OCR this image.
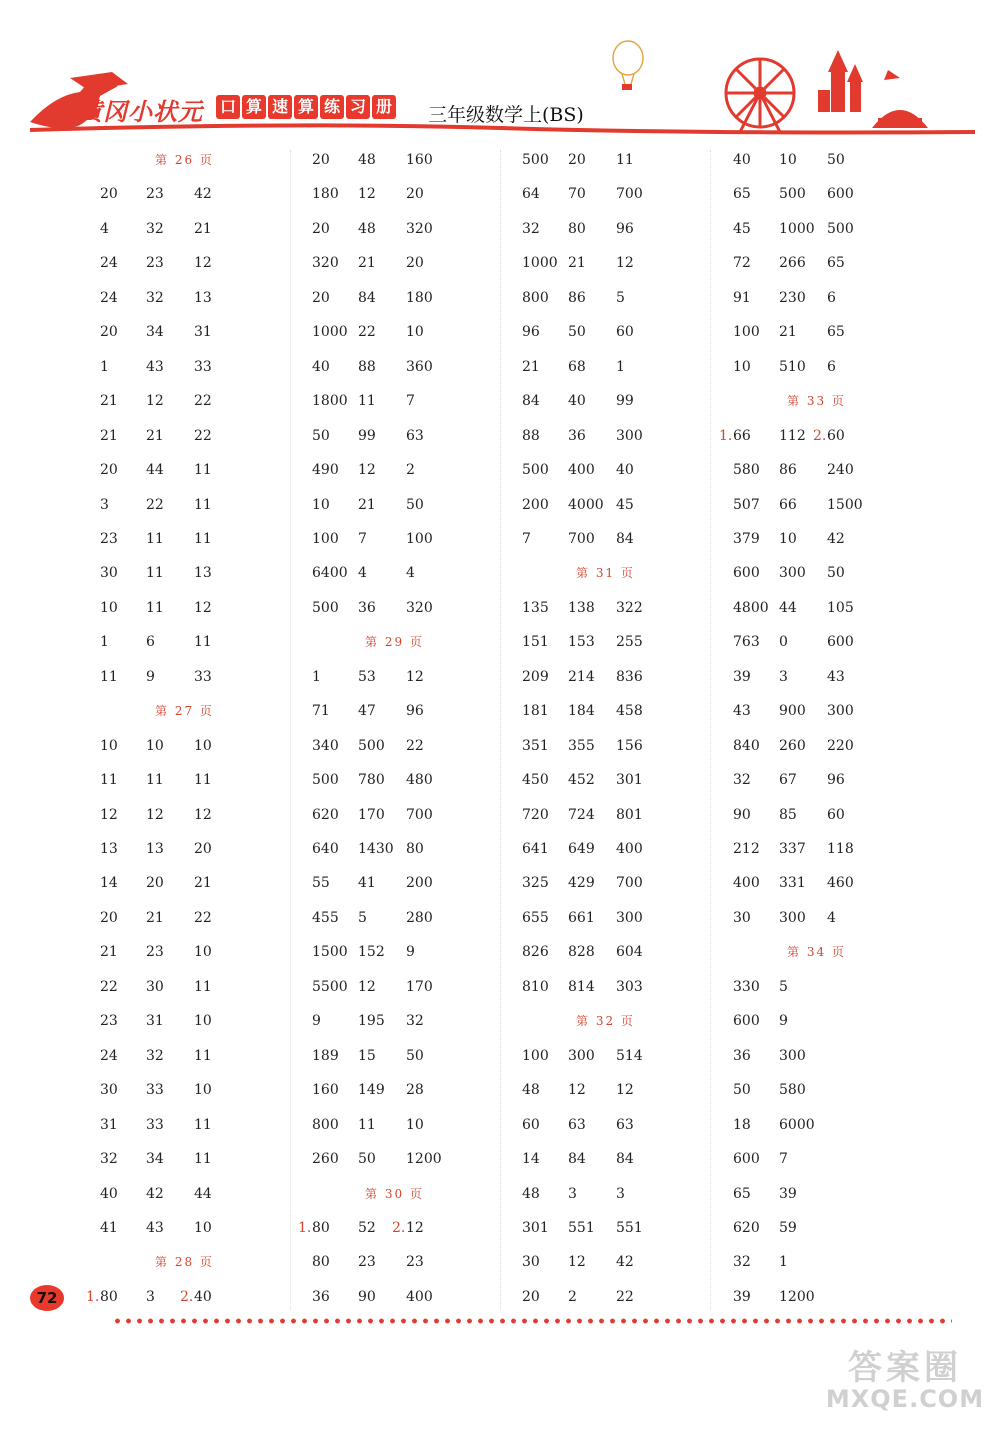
黄冈小状元 口 算 速 算 练 习 册 三年级数学上(BS)
第 26 页
20 23 42
4	32 21
24 23 12
24 32 13
20 34 31
1	43 33
21 12 22
21 21 22
20 44 11
3	22 11
23 11 11
30 11 13
10 11 12
1	6	11
11 9	33
第 27 页
10 10 10
11 11 11
12 12 12
13 13 20
14 20 21
20 21 22
21 23 10
22 30 11
23 31 10
24 32 11
30 33 10
31 33 11
32 34 11
40 42 44
41 43 10
第 28 页
1. 80 3 2. 40
20 48 160
180 12 20
20 48 320
320 21 20
20 84 180
1000 22 10
40 88 360
1800 11 7
50 99 63
490 12 2
10 21 50
100 7	100
6400 4	4
500 36 320
第 29 页
1	53 12
71 47 96
340 500 22
500 780 480
620 170 700
640 1430 80
55 41 200
455 5	280
1500 152 9
5500 12 170
9	195 32
189 15 50
160 149 28
800 11 10
260 50 1200
第 30 页
1. 80 52 2. 12
80 23 23
36 90 400
500 20 11
64 70 700
32 80 96
1000 21 12
800 86 5
96 50 60
21 68 1
84 40 99
88 36 300
500 400 40
200 4000 45
7	700 84
第 31 页
135 138 322
151 153 255
209 214 836
181 184 458
351 355 156
450 452 301
720 724 801
641 649 400
325 429 700
655 661 300
826 828 604
810 814 303
第 32 页
100 300 514
48 12 12
60 63 63
14 84 84
48 3	3
301 551 551
30 12 42
20 2	22
40 10 50
65 500 600
45 1000 500
72 266 65
91 230 6
100 21 65
10 510 6
第 33 页
1. 66 112 2. 60
580 86 240
507 66 1500
379 10 42
600 300 50
4800 44 105
763 0	600
39 3	43
43 900 300
840 260 220
32 67 96
90 85 60
212 337 118
400 331 460
30 300 4
第 34 页
330 5
600 9
36 300
50 580
18 6000
600 7
65 39
620 59
32 1
39 1200
72
答案圈
MXQE.COM
